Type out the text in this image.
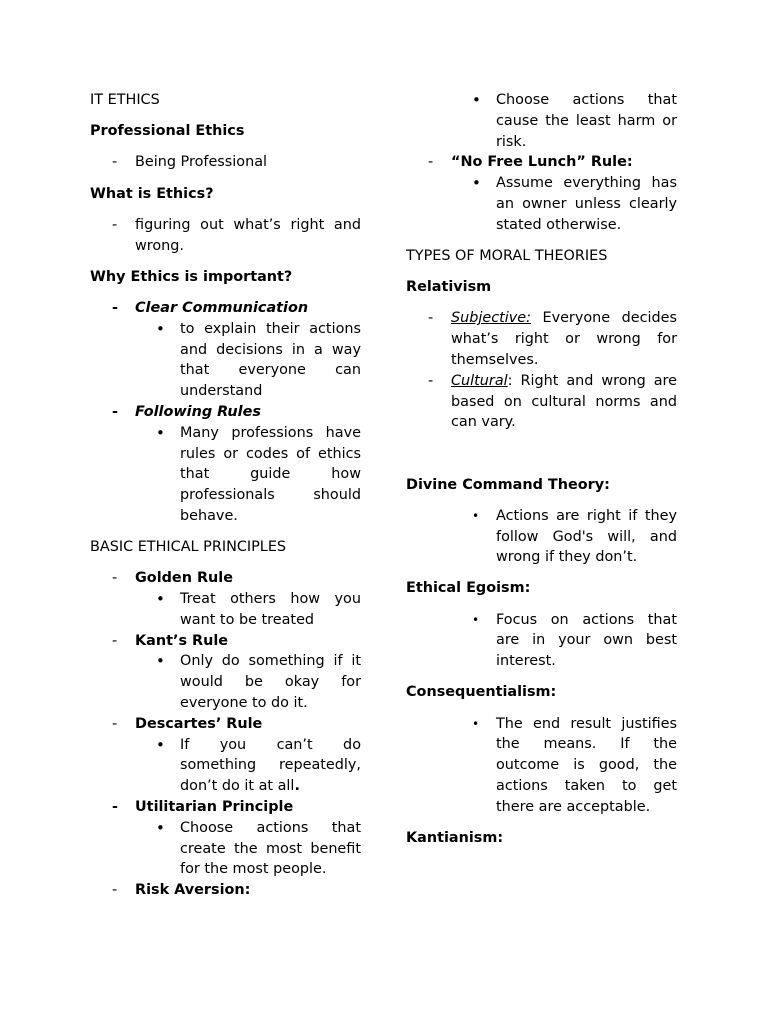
IT ETHICS

Professional Ethics

- Being Professional

What is Ethics?

- figuring out what’s right and wrong.

Why Ethics is important?

- Clear Communication
• to explain their actions and decisions in a way that everyone can understand
- Following Rules
• Many professions have rules or codes of ethics that guide how professionals should behave.

BASIC ETHICAL PRINCIPLES

- Golden Rule
• Treat others how you want to be treated
- Kant’s Rule
• Only do something if it would be okay for everyone to do it.
- Descartes’ Rule
• If you can’t do something repeatedly, don’t do it at all.
- Utilitarian Principle
• Choose actions that create the most benefit for the most people.
- Risk Aversion:
• Choose actions that cause the least harm or risk.
- “No Free Lunch” Rule:
• Assume everything has an owner unless clearly stated otherwise.

TYPES OF MORAL THEORIES

Relativism

- Subjective: Everyone decides what’s right or wrong for themselves.
- Cultural: Right and wrong are based on cultural norms and can vary.

Divine Command Theory:

• Actions are right if they follow God's will, and wrong if they don’t.

Ethical Egoism:

• Focus on actions that are in your own best interest.

Consequentialism:

• The end result justifies the means. If the outcome is good, the actions taken to get there are acceptable.

Kantianism:
